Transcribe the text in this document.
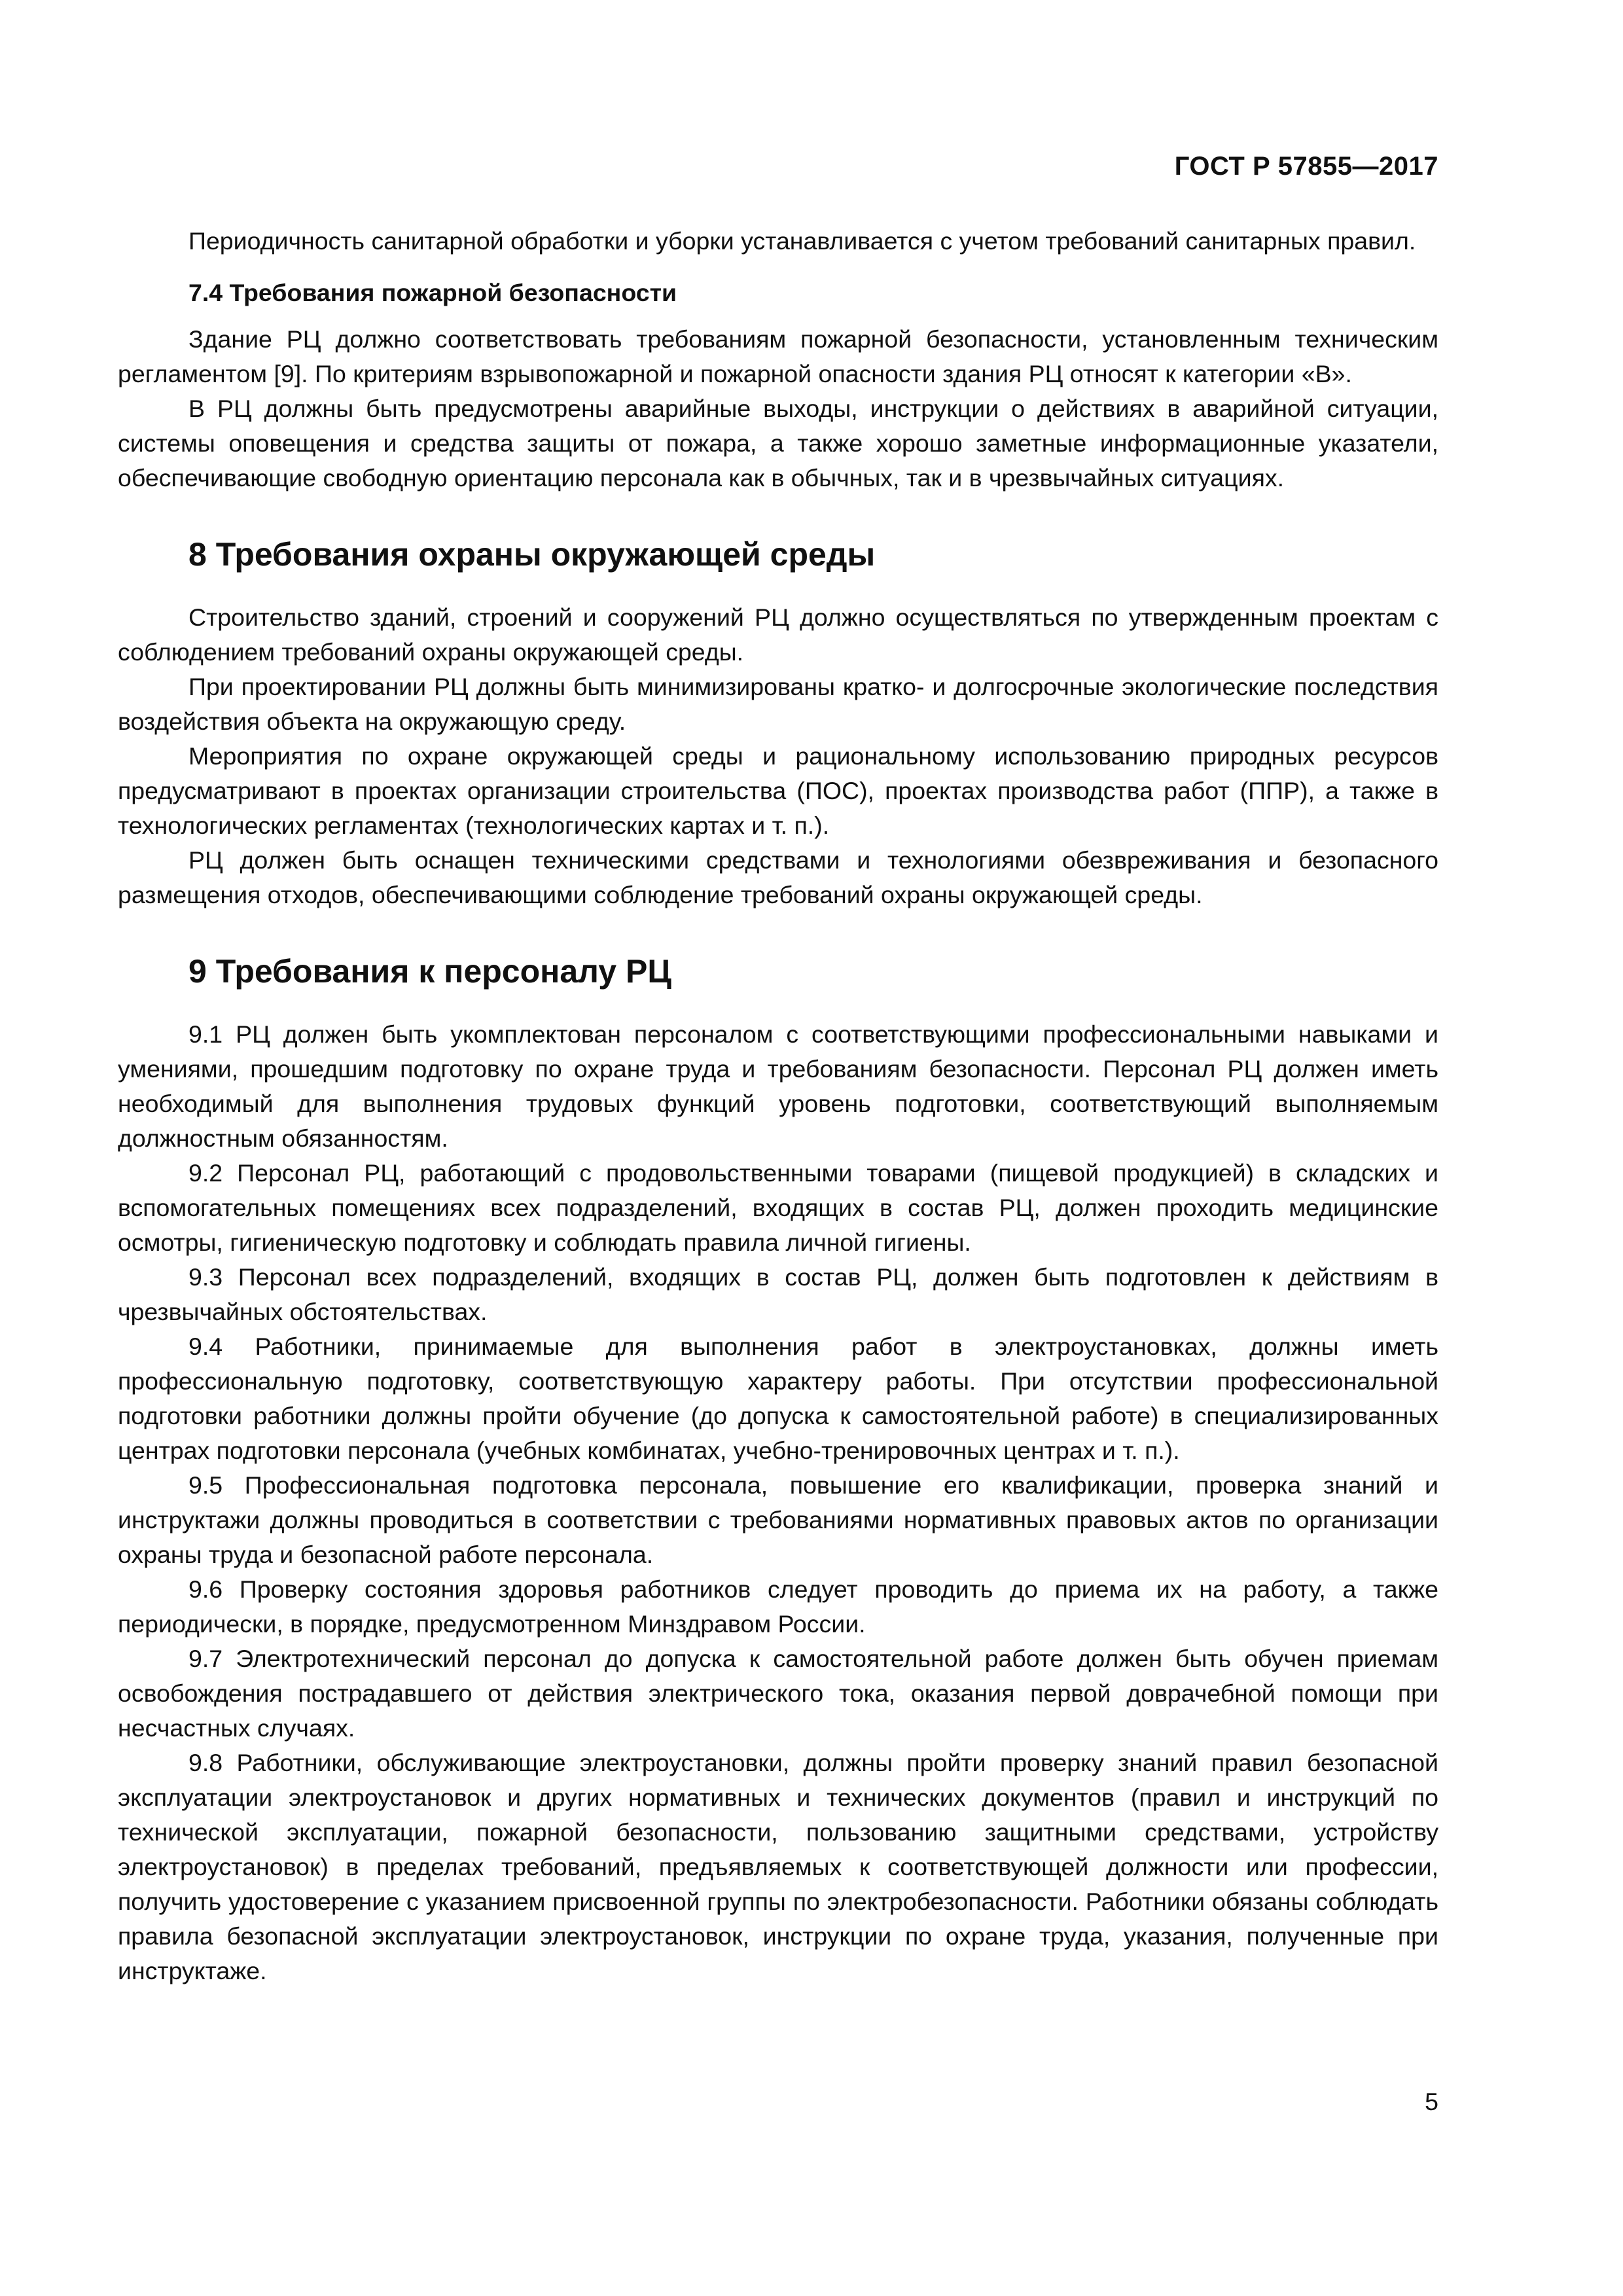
ГОСТ Р 57855—2017

Периодичность санитарной обработки и уборки устанавливается с учетом требований санитарных правил.

7.4 Требования пожарной безопасности

Здание РЦ должно соответствовать требованиям пожарной безопасности, установленным техническим регламентом [9]. По критериям взрывопожарной и пожарной опасности здания РЦ относят к категории «В».

В РЦ должны быть предусмотрены аварийные выходы, инструкции о действиях в аварийной ситуации, системы оповещения и средства защиты от пожара, а также хорошо заметные информационные указатели, обеспечивающие свободную ориентацию персонала как в обычных, так и в чрезвычайных ситуациях.

8 Требования охраны окружающей среды

Строительство зданий, строений и сооружений РЦ должно осуществляться по утвержденным проектам с соблюдением требований охраны окружающей среды.

При проектировании РЦ должны быть минимизированы кратко- и долгосрочные экологические последствия воздействия объекта на окружающую среду.

Мероприятия по охране окружающей среды и рациональному использованию природных ресурсов предусматривают в проектах организации строительства (ПОС), проектах производства работ (ППР), а также в технологических регламентах (технологических картах и т. п.).

РЦ должен быть оснащен техническими средствами и технологиями обезвреживания и безопасного размещения отходов, обеспечивающими соблюдение требований охраны окружающей среды.

9 Требования к персоналу РЦ

9.1 РЦ должен быть укомплектован персоналом с соответствующими профессиональными навыками и умениями, прошедшим подготовку по охране труда и требованиям безопасности. Персонал РЦ должен иметь необходимый для выполнения трудовых функций уровень подготовки, соответствующий выполняемым должностным обязанностям.

9.2 Персонал РЦ, работающий с продовольственными товарами (пищевой продукцией) в складских и вспомогательных помещениях всех подразделений, входящих в состав РЦ, должен проходить медицинские осмотры, гигиеническую подготовку и соблюдать правила личной гигиены.

9.3 Персонал всех подразделений, входящих в состав РЦ, должен быть подготовлен к действиям в чрезвычайных обстоятельствах.

9.4 Работники, принимаемые для выполнения работ в электроустановках, должны иметь профессиональную подготовку, соответствующую характеру работы. При отсутствии профессиональной подготовки работники должны пройти обучение (до допуска к самостоятельной работе) в специализированных центрах подготовки персонала (учебных комбинатах, учебно-тренировочных центрах и т. п.).

9.5 Профессиональная подготовка персонала, повышение его квалификации, проверка знаний и инструктажи должны проводиться в соответствии с требованиями нормативных правовых актов по организации охраны труда и безопасной работе персонала.

9.6 Проверку состояния здоровья работников следует проводить до приема их на работу, а также периодически, в порядке, предусмотренном Минздравом России.

9.7 Электротехнический персонал до допуска к самостоятельной работе должен быть обучен приемам освобождения пострадавшего от действия электрического тока, оказания первой доврачебной помощи при несчастных случаях.

9.8 Работники, обслуживающие электроустановки, должны пройти проверку знаний правил безопасной эксплуатации электроустановок и других нормативных и технических документов (правил и инструкций по технической эксплуатации, пожарной безопасности, пользованию защитными средствами, устройству электроустановок) в пределах требований, предъявляемых к соответствующей должности или профессии, получить удостоверение с указанием присвоенной группы по электробезопасности. Работники обязаны соблюдать правила безопасной эксплуатации электроустановок, инструкции по охране труда, указания, полученные при инструктаже.

5
